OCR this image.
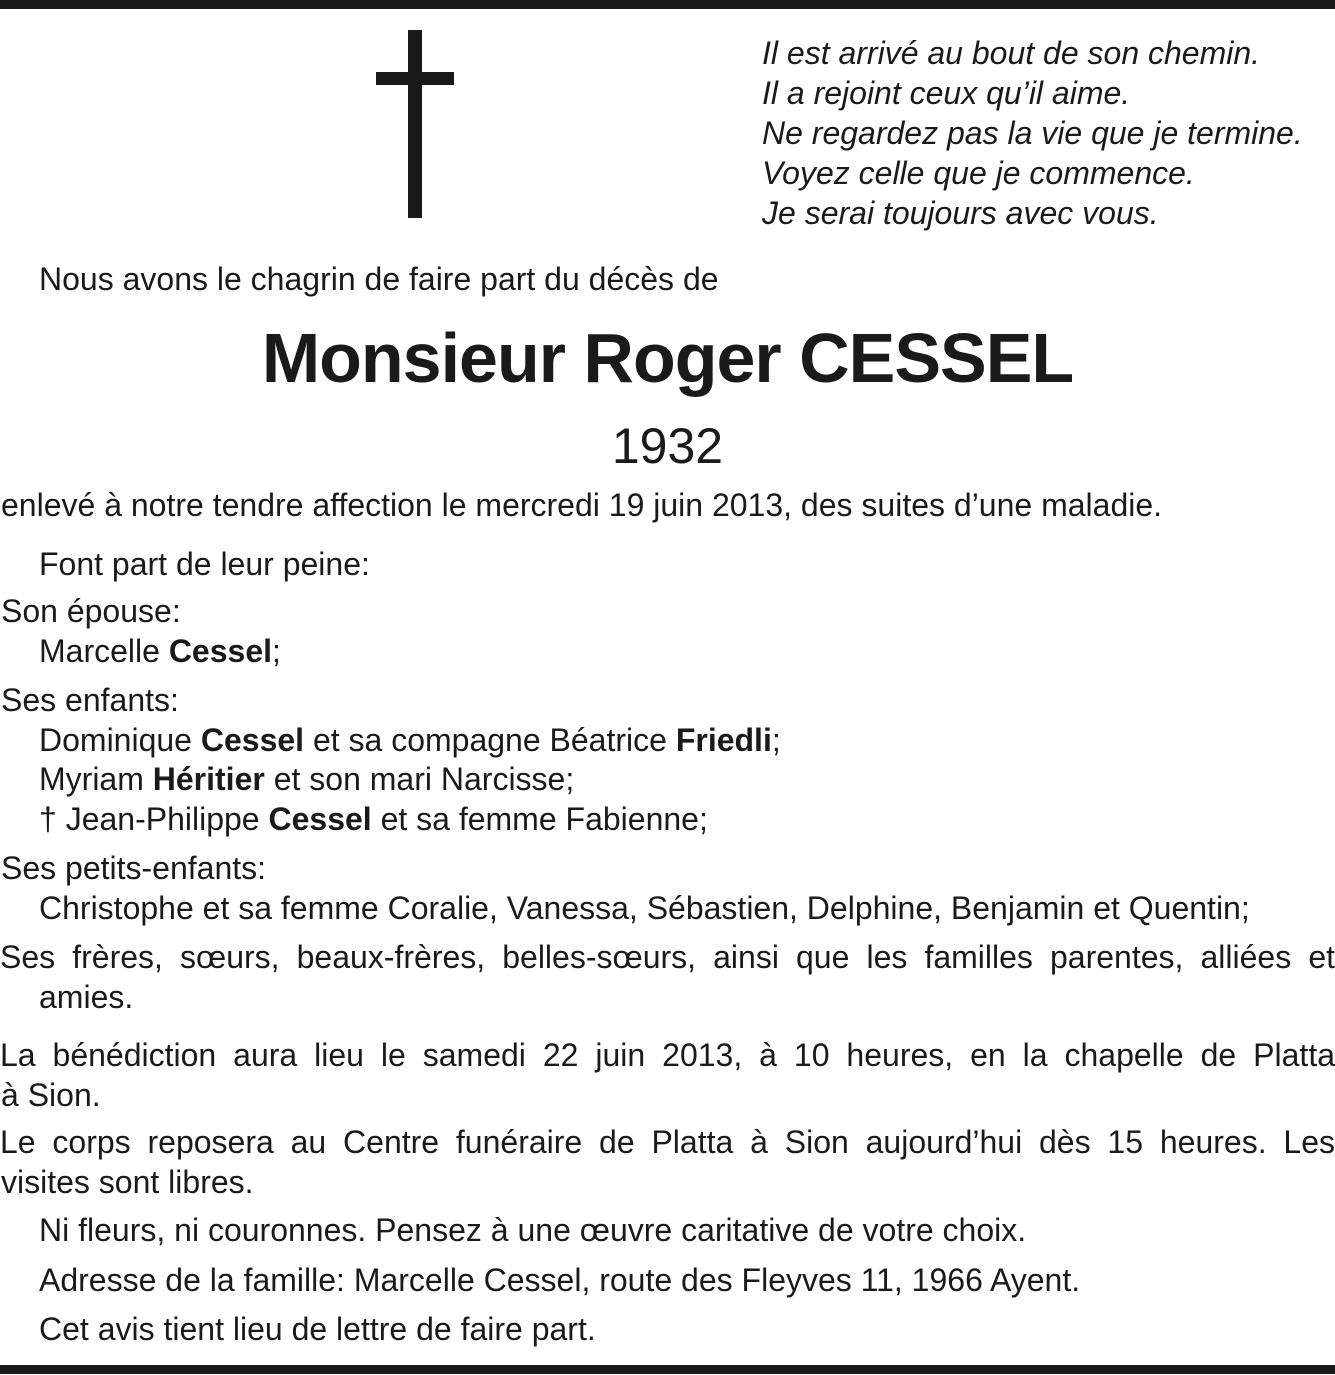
Il est arrivé au bout de son chemin.
Il a rejoint ceux qu’il aime.
Ne regardez pas la vie que je termine.
Voyez celle que je commence.
Je serai toujours avec vous.
Nous avons le chagrin de faire part du décès de
Monsieur Roger CESSEL
1932
enlevé à notre tendre affection le mercredi 19 juin 2013, des suites d’une maladie.
Font part de leur peine:
Son épouse:
Marcelle Cessel;
Ses enfants:
Dominique Cessel et sa compagne Béatrice Friedli;
Myriam Héritier et son mari Narcisse;
† Jean-Philippe Cessel et sa femme Fabienne;
Ses petits-enfants:
Christophe et sa femme Coralie, Vanessa, Sébastien, Delphine, Benjamin et Quentin;
Ses frères, sœurs, beaux-frères, belles-sœurs, ainsi que les familles parentes, alliées et
amies.
La bénédiction aura lieu le samedi 22 juin 2013, à 10 heures, en la chapelle de Platta
à Sion.
Le corps reposera au Centre funéraire de Platta à Sion aujourd’hui dès 15 heures. Les
visites sont libres.
Ni fleurs, ni couronnes. Pensez à une œuvre caritative de votre choix.
Adresse de la famille: Marcelle Cessel, route des Fleyves 11, 1966 Ayent.
Cet avis tient lieu de lettre de faire part.
